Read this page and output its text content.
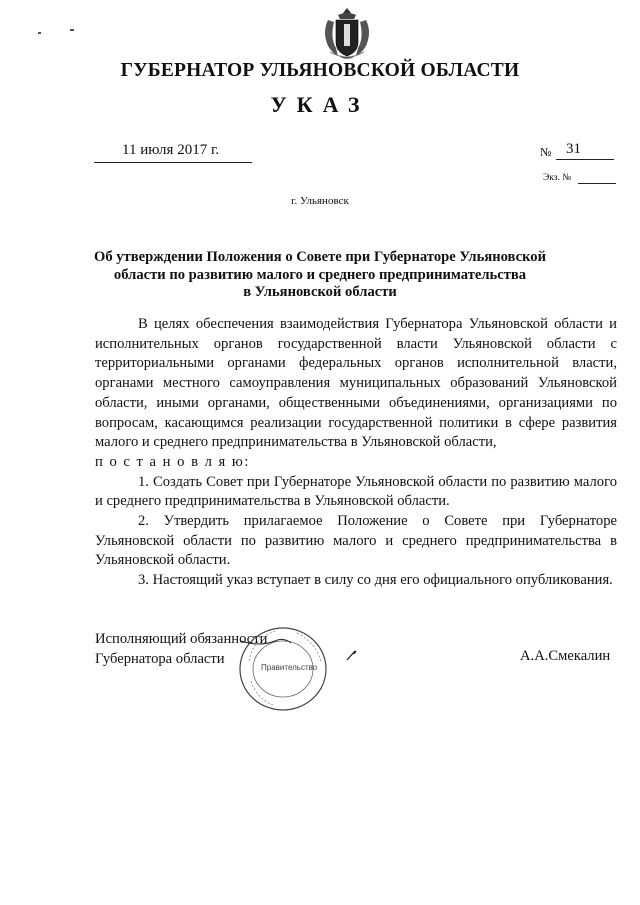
ГУБЕРНАТОР УЛЬЯНОВСКОЙ ОБЛАСТИ
УКАЗ
11 июля 2017 г.	№ 31
Экз. №
г. Ульяновск
Об утверждении Положения о Совете при Губернаторе Ульяновской
области по развитию малого и среднего предпринимательства
в Ульяновской области

В целях обеспечения взаимодействия Губернатора Ульяновской области и исполнительных органов государственной власти Ульяновской области с территориальными органами федеральных органов исполнительной власти, органами местного самоуправления муниципальных образований Ульяновской области, иными органами, общественными объединениями, организациями по вопросам, касающимся реализации государственной политики в сфере развития малого и среднего предпринимательства в Ульяновской области,

п о с т а н о в л я ю:

1. Создать Совет при Губернаторе Ульяновской области по развитию малого и среднего предпринимательства в Ульяновской области.

2. Утвердить прилагаемое Положение о Совете при Губернаторе Ульяновской области по развитию малого и среднего предпринимательства в Ульяновской области.

3. Настоящий указ вступает в силу со дня его официального опубликования.

Исполняющий обязанности
Губернатора области
Правительство
А.А.Смекалин
